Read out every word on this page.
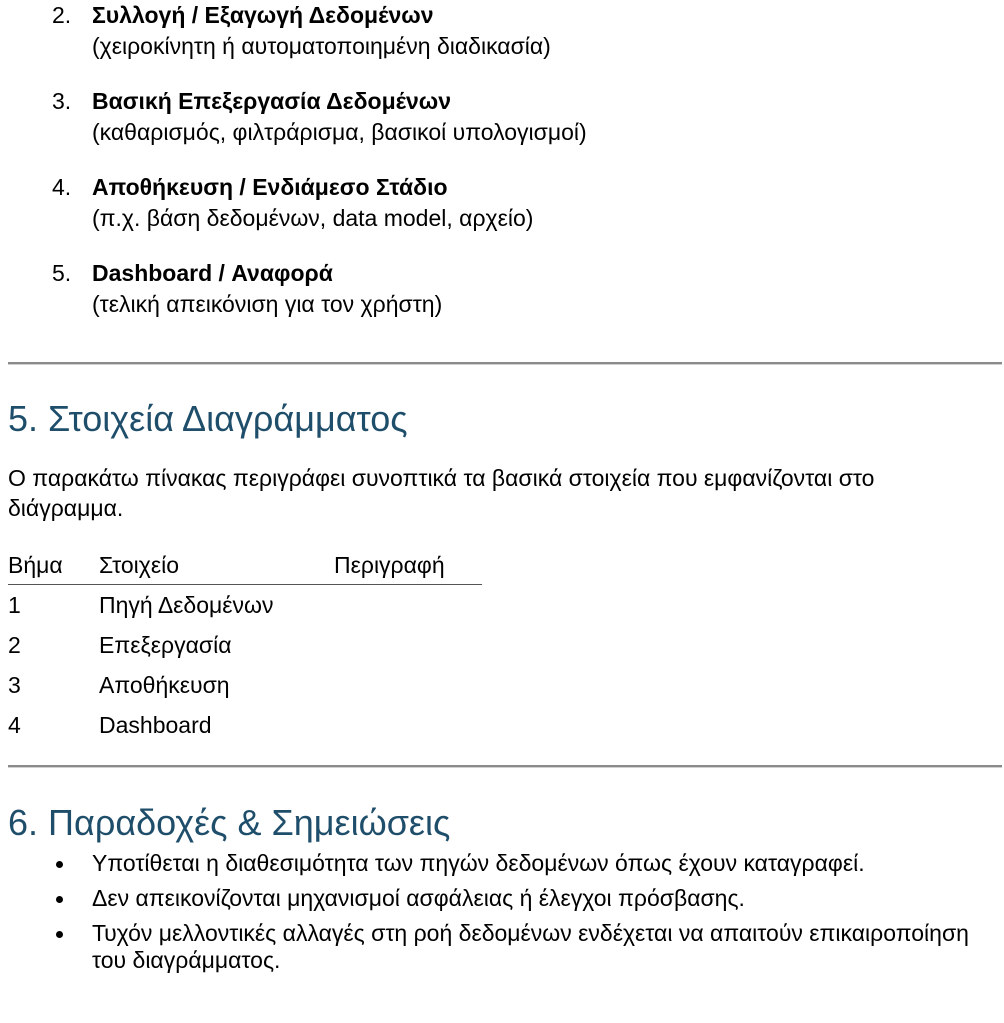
2. Συλλογή / Εξαγωγή Δεδομένων
(χειροκίνητη ή αυτοματοποιημένη διαδικασία)
3. Βασική Επεξεργασία Δεδομένων
(καθαρισμός, φιλτράρισμα, βασικοί υπολογισμοί)
4. Αποθήκευση / Ενδιάμεσο Στάδιο
(π.χ. βάση δεδομένων, data model, αρχείο)
5. Dashboard / Αναφορά
(τελική απεικόνιση για τον χρήστη)
5. Στοιχεία Διαγράμματος
Ο παρακάτω πίνακας περιγράφει συνοπτικά τα βασικά στοιχεία που εμφανίζονται στο διάγραμμα.
Βήμα	Στοιχείο	Περιγραφή
1	Πηγή Δεδομένων	
2	Επεξεργασία	
3	Αποθήκευση	
4	Dashboard	
6. Παραδοχές & Σημειώσεις
Υποτίθεται η διαθεσιμότητα των πηγών δεδομένων όπως έχουν καταγραφεί.
Δεν απεικονίζονται μηχανισμοί ασφάλειας ή έλεγχοι πρόσβασης.
Τυχόν μελλοντικές αλλαγές στη ροή δεδομένων ενδέχεται να απαιτούν επικαιροποίηση του διαγράμματος.
